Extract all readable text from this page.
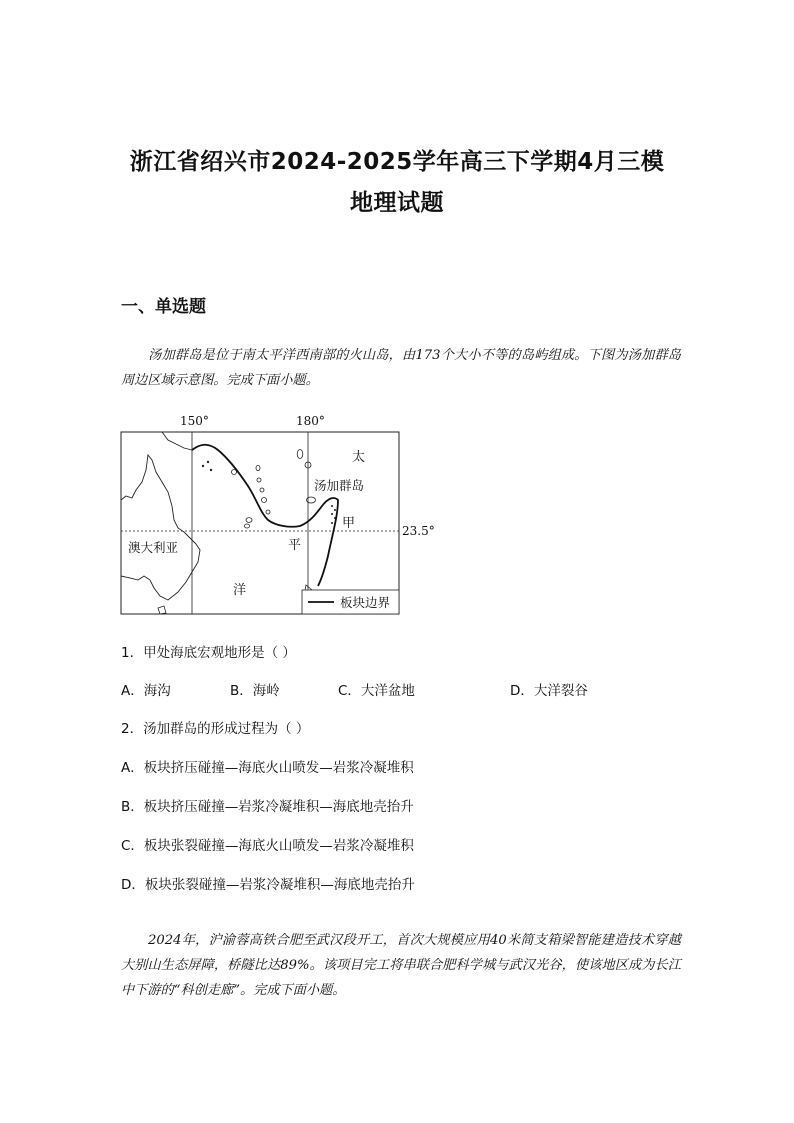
浙江省绍兴市2024-2025学年高三下学期4月三模
地理试题
一、单选题
汤加群岛是位于南太平洋西南部的火山岛，由173个大小不等的岛屿组成。下图为汤加群岛周边区域示意图。完成下面小题。
150°	180°
23.5°
太
汤加群岛
甲
平
洋
澳大利亚
板块边界
1．甲处海底宏观地形是（ ）
A．海沟	B．海岭	C．大洋盆地	D．大洋裂谷
2．汤加群岛的形成过程为（ ）
A．板块挤压碰撞—海底火山喷发—岩浆冷凝堆积
B．板块挤压碰撞—岩浆冷凝堆积—海底地壳抬升
C．板块张裂碰撞—海底火山喷发—岩浆冷凝堆积
D．板块张裂碰撞—岩浆冷凝堆积—海底地壳抬升
2024年，沪渝蓉高铁合肥至武汉段开工，首次大规模应用40米简支箱梁智能建造技术穿越大别山生态屏障，桥隧比达89%。该项目完工将串联合肥科学城与武汉光谷，使该地区成为长江中下游的“科创走廊”。完成下面小题。
